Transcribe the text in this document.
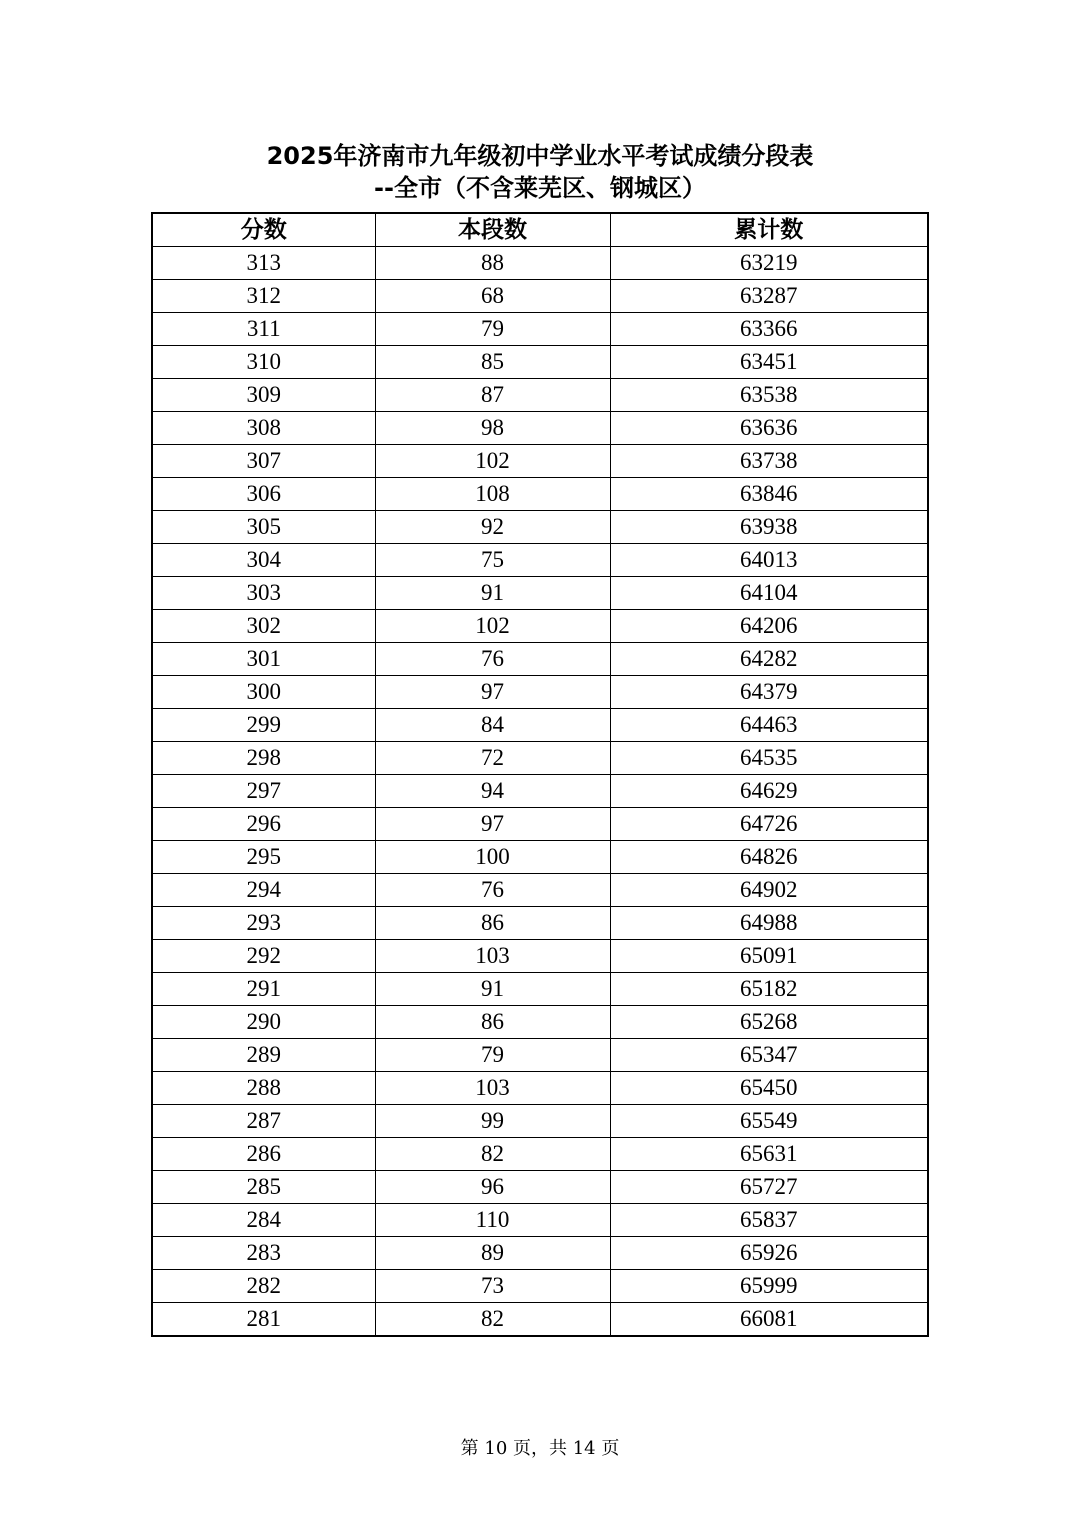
2025年济南市九年级初中学业水平考试成绩分段表
--全市（不含莱芜区、钢城区）
分数	本段数	累计数
313	88	63219
312	68	63287
311	79	63366
310	85	63451
309	87	63538
308	98	63636
307	102	63738
306	108	63846
305	92	63938
304	75	64013
303	91	64104
302	102	64206
301	76	64282
300	97	64379
299	84	64463
298	72	64535
297	94	64629
296	97	64726
295	100	64826
294	76	64902
293	86	64988
292	103	65091
291	91	65182
290	86	65268
289	79	65347
288	103	65450
287	99	65549
286	82	65631
285	96	65727
284	110	65837
283	89	65926
282	73	65999
281	82	66081
第 10 页，共 14 页
